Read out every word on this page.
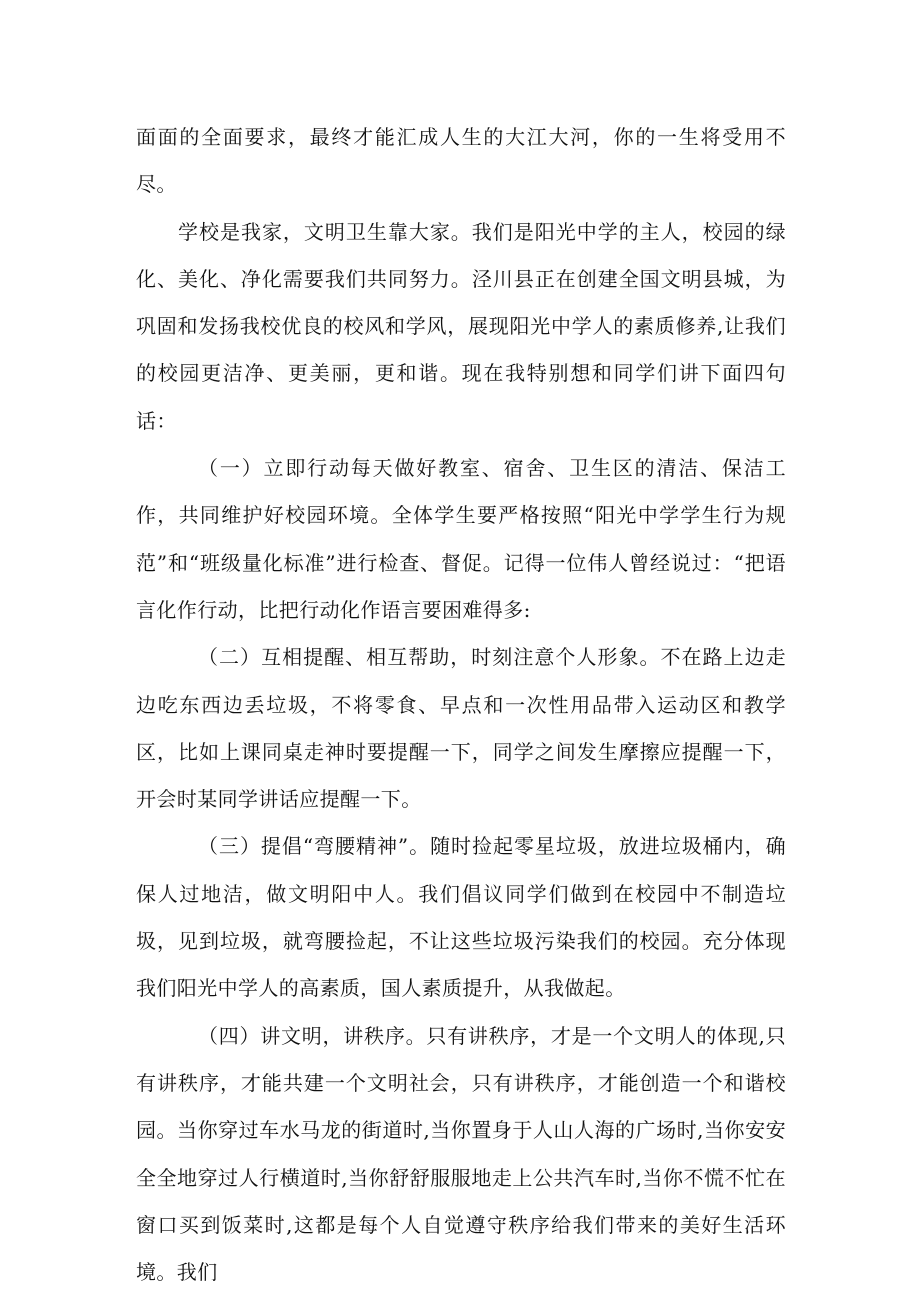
面面的全面要求，最终才能汇成人生的大江大河，你的一生将受用不尽。

学校是我家，文明卫生靠大家。我们是阳光中学的主人，校园的绿化、美化、净化需要我们共同努力。泾川县正在创建全国文明县城，为巩固和发扬我校优良的校风和学风，展现阳光中学人的素质修养,让我们的校园更洁净、更美丽，更和谐。现在我特别想和同学们讲下面四句话：

（一）立即行动每天做好教室、宿舍、卫生区的清洁、保洁工作，共同维护好校园环境。全体学生要严格按照“阳光中学学生行为规范”和“班级量化标准”进行检查、督促。记得一位伟人曾经说过：“把语言化作行动，比把行动化作语言要困难得多:

（二）互相提醒、相互帮助，时刻注意个人形象。不在路上边走边吃东西边丢垃圾，不将零食、早点和一次性用品带入运动区和教学区，比如上课同桌走神时要提醒一下，同学之间发生摩擦应提醒一下，开会时某同学讲话应提醒一下。

（三）提倡“弯腰精神”。随时捡起零星垃圾，放进垃圾桶内，确保人过地洁，做文明阳中人。我们倡议同学们做到在校园中不制造垃圾，见到垃圾，就弯腰捡起，不让这些垃圾污染我们的校园。充分体现我们阳光中学人的高素质，国人素质提升，从我做起。

（四）讲文明，讲秩序。只有讲秩序，才是一个文明人的体现,只有讲秩序，才能共建一个文明社会，只有讲秩序，才能创造一个和谐校园。当你穿过车水马龙的街道时,当你置身于人山人海的广场时,当你安安全全地穿过人行横道时,当你舒舒服服地走上公共汽车时,当你不慌不忙在窗口买到饭菜时,这都是每个人自觉遵守秩序给我们带来的美好生活环境。我们
